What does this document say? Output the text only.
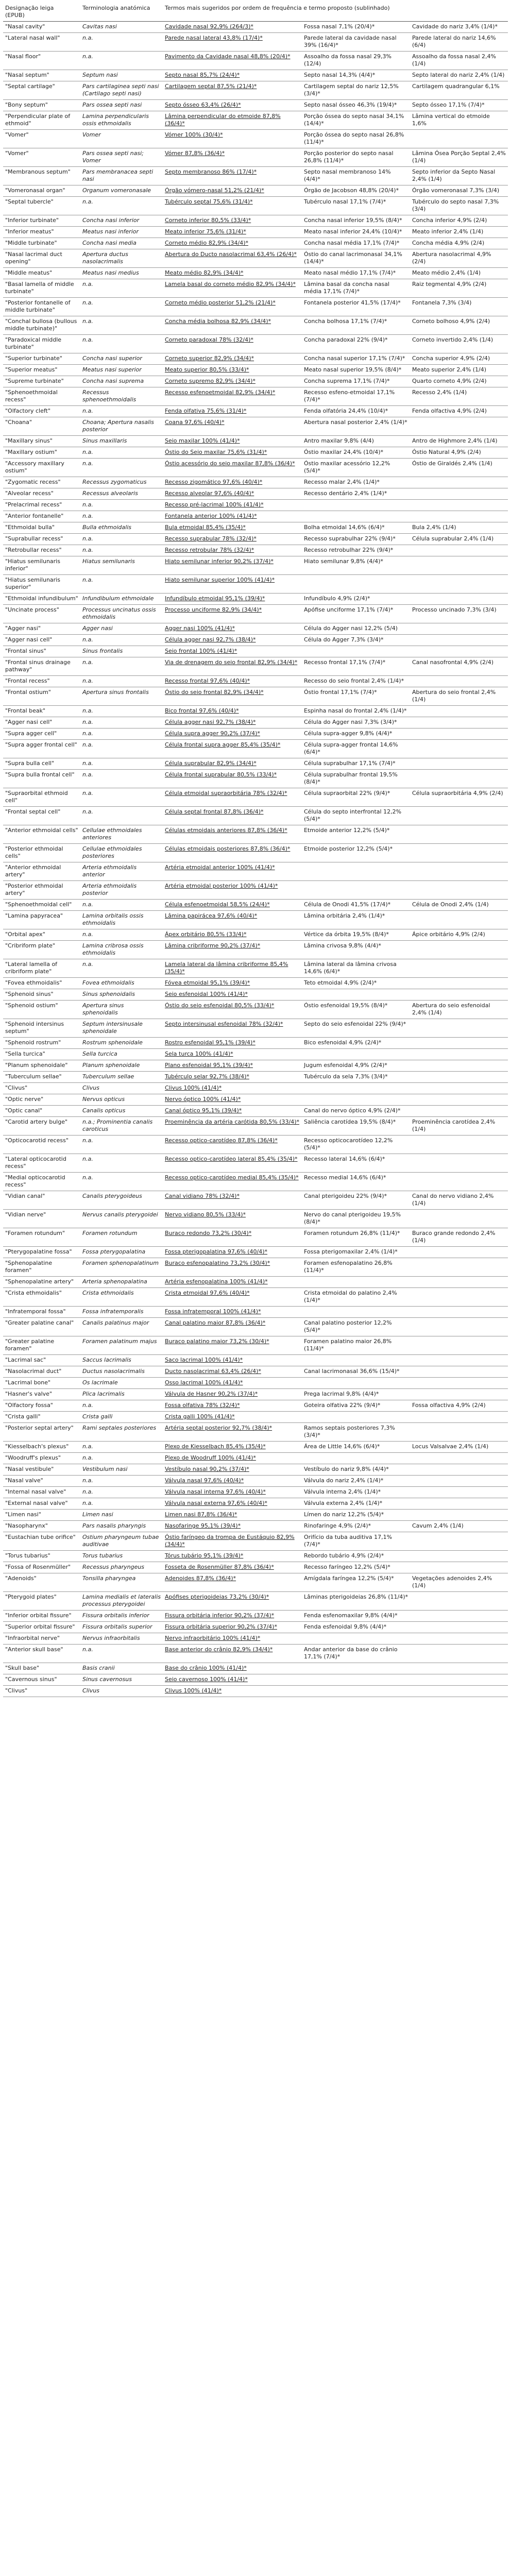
Designação leiga
(EPUB)	Terminologia anatómica	Termos mais sugeridos por ordem de frequência e termo proposto (sublinhado)		
"Nasal cavity"	Cavitas nasi	Cavidade nasal 92,9% (264/3)*	Fossa nasal 7,1% (20/4)*	Cavidade do nariz 3,4% (1/4)*
"Lateral nasal wall"	n.a.	Parede nasal lateral 43,8% (17/4)*	Parede lateral da cavidade nasal 39% (16/4)*	Parede lateral do nariz 14,6% (6/4)
"Nasal floor"	n.a.	Pavimento da Cavidade nasal 48,8% (20/4)*	Assoalho da fossa nasal 29,3% (12/4)	Assoalho da fossa nasal 2,4% (1/4)
"Nasal septum"	Septum nasi	Septo nasal 85,7% (24/4)*	Septo nasal 14,3% (4/4)*	Septo lateral do nariz 2,4% (1/4)
"Septal cartilage"	Pars cartilaginea septi nasi (Cartilago septi nasi)	Cartilagem septal 87,5% (21/4)*	Cartilagem septal do nariz 12,5% (3/4)*	Cartilagem quadrangular 6,1%
"Bony septum"	Pars ossea septi nasi	Septo ósseo 63,4% (26/4)*	Septo nasal ósseo 46,3% (19/4)*	Septo ósseo 17,1% (7/4)*
"Perpendicular plate of ethmoid"	Lamina perpendicularis ossis ethmoidalis	Lâmina perpendicular do etmoide 87,8% (36/4)*	Porção óssea do septo nasal 34,1% (14/4)*	Lâmina vertical do etmoide 1,6%
"Vomer"	Vomer	Vómer 100% (30/4)*	Porção óssea do septo nasal 26,8% (11/4)*	
"Vomer"	Pars ossea septi nasi; Vomer	Vómer 87,8% (36/4)*	Porção posterior do septo nasal 26,8% (11/4)*	Lâmina Ósea Porção Septal 2,4% (1/4)
"Membranous septum"	Pars membranacea septi nasi	Septo membranoso 86% (17/4)*	Septo nasal membranoso 14% (4/4)*	Septo inferior da Septo Nasal 2,4% (1/4)
"Vomeronasal organ"	Organum vomeronasale	Órgão vómero-nasal 51,2% (21/4)*	Órgão de Jacobson 48,8% (20/4)*	Órgão vomeronasal 7,3% (3/4)
"Septal tubercle"	n.a.	Tubérculo septal 75,6% (31/4)*	Tubérculo nasal 17,1% (7/4)*	Tubérculo do septo nasal 7,3% (3/4)
"Inferior turbinate"	Concha nasi inferior	Corneto inferior 80,5% (33/4)*	Concha nasal inferior 19,5% (8/4)*	Concha inferior 4,9% (2/4)
"Inferior meatus"	Meatus nasi inferior	Meato inferior 75,6% (31/4)*	Meato nasal inferior 24,4% (10/4)*	Meato inferior 2,4% (1/4)
"Middle turbinate"	Concha nasi media	Corneto médio 82,9% (34/4)*	Concha nasal média 17,1% (7/4)*	Concha média 4,9% (2/4)
"Nasal lacrimal duct opening"	Apertura ductus nasolacrimalis	Abertura do Ducto nasolacrimal 63,4% (26/4)*	Óstio do canal lacrimonasal 34,1% (14/4)*	Abertura nasolacrimal 4,9% (2/4)
"Middle meatus"	Meatus nasi medius	Meato médio 82,9% (34/4)*	Meato nasal médio 17,1% (7/4)*	Meato médio 2,4% (1/4)
"Basal lamella of middle turbinate"	n.a.	Lamela basal do corneto médio 82,9% (34/4)*	Lâmina basal da concha nasal média 17,1% (7/4)*	Raiz tegmental 4,9% (2/4)
"Posterior fontanelle of middle turbinate"	n.a.	Corneto médio posterior 51,2% (21/4)*	Fontanela posterior 41,5% (17/4)*	Fontanela 7,3% (3/4)
"Conchal bullosa (bullous middle turbinate)"	n.a.	Concha média bolhosa 82,9% (34/4)*	Concha bolhosa 17,1% (7/4)*	Corneto bolhoso 4,9% (2/4)
"Paradoxical middle turbinate"	n.a.	Corneto paradoxal 78% (32/4)*	Concha paradoxal 22% (9/4)*	Corneto invertido 2,4% (1/4)
"Superior turbinate"	Concha nasi superior	Corneto superior 82,9% (34/4)*	Concha nasal superior 17,1% (7/4)*	Concha superior 4,9% (2/4)
"Superior meatus"	Meatus nasi superior	Meato superior 80,5% (33/4)*	Meato nasal superior 19,5% (8/4)*	Meato superior 2,4% (1/4)
"Supreme turbinate"	Concha nasi suprema	Corneto supremo 82,9% (34/4)*	Concha suprema 17,1% (7/4)*	Quarto corneto 4,9% (2/4)
"Sphenoethmoidal recess"	Recessus sphenoethmoidalis	Recesso esfenoetmoidal 82,9% (34/4)*	Recesso esfeno-etmoidal 17,1% (7/4)*	Recesso 2,4% (1/4)
"Olfactory cleft"	n.a.	Fenda olfativa 75,6% (31/4)*	Fenda olfatória 24,4% (10/4)*	Fenda olfactiva 4,9% (2/4)
"Choana"	Choana; Apertura nasalis posterior	Coana 97,6% (40/4)*	Abertura nasal posterior 2,4% (1/4)*	
"Maxillary sinus"	Sinus maxillaris	Seio maxilar 100% (41/4)*	Antro maxilar 9,8% (4/4)	Antro de Highmore 2,4% (1/4)
"Maxillary ostium"	n.a.	Óstio do Seio maxilar 75,6% (31/4)*	Óstio maxilar 24,4% (10/4)*	Óstio Natural 4,9% (2/4)
"Accessory maxillary ostium"	n.a.	Óstio acessório do seio maxilar 87,8% (36/4)*	Óstio maxilar acessório 12,2% (5/4)*	Óstio de Giraldés 2,4% (1/4)
"Zygomatic recess"	Recessus zygomaticus	Recesso zigomático 97,6% (40/4)*	Recesso malar 2,4% (1/4)*	
"Alveolar recess"	Recessus alveolaris	Recesso alveolar 97,6% (40/4)*	Recesso dentário 2,4% (1/4)*	
"Prelacrimal recess"	n.a.	Recesso pré-lacrimal 100% (41/4)*		
"Anterior fontanelle"	n.a.	Fontanela anterior 100% (41/4)*		
"Ethmoidal bulla"	Bulla ethmoidalis	Bula etmoidal 85,4% (35/4)*	Bolha etmoidal 14,6% (6/4)*	Bula 2,4% (1/4)
"Suprabullar recess"	n.a.	Recesso suprabular 78% (32/4)*	Recesso suprabulhar 22% (9/4)*	Célula suprabular 2,4% (1/4)
"Retrobullar recess"	n.a.	Recesso retrobular 78% (32/4)*	Recesso retrobulhar 22% (9/4)*	
"Hiatus semilunaris inferior"	Hiatus semilunaris	Hiato semilunar inferior 90,2% (37/4)*	Hiato semilunar 9,8% (4/4)*	
"Hiatus semilunaris superior"	n.a.	Hiato semilunar superior 100% (41/4)*		
"Ethmoidal infundibulum"	Infundibulum ethmoidale	Infundíbulo etmoidal 95,1% (39/4)*	Infundíbulo 4,9% (2/4)*	
"Uncinate process"	Processus uncinatus ossis ethmoidalis	Processo unciforme 82,9% (34/4)*	Apófise unciforme 17,1% (7/4)*	Processo uncinado 7,3% (3/4)
"Agger nasi"	Agger nasi	Agger nasi 100% (41/4)*	Célula do Agger nasi 12,2% (5/4)	
"Agger nasi cell"	n.a.	Célula agger nasi 92,7% (38/4)*	Célula do Agger 7,3% (3/4)*	
"Frontal sinus"	Sinus frontalis	Seio frontal 100% (41/4)*		
"Frontal sinus drainage pathway"	n.a.	Via de drenagem do seio frontal 82,9% (34/4)*	Recesso frontal 17,1% (7/4)*	Canal nasofrontal 4,9% (2/4)
"Frontal recess"	n.a.	Recesso frontal 97,6% (40/4)*	Recesso do seio frontal 2,4% (1/4)*	
"Frontal ostium"	Apertura sinus frontalis	Óstio do seio frontal 82,9% (34/4)*	Óstio frontal 17,1% (7/4)*	Abertura do seio frontal 2,4% (1/4)
"Frontal beak"	n.a.	Bico frontal 97,6% (40/4)*	Espinha nasal do frontal 2,4% (1/4)*	
"Agger nasi cell"	n.a.	Célula agger nasi 92,7% (38/4)*	Célula do Agger nasi 7,3% (3/4)*	
"Supra agger cell"	n.a.	Célula supra agger 90,2% (37/4)*	Célula supra-agger 9,8% (4/4)*	
"Supra agger frontal cell"	n.a.	Célula frontal supra agger 85,4% (35/4)*	Célula supra-agger frontal 14,6% (6/4)*	
"Supra bulla cell"	n.a.	Célula suprabular 82,9% (34/4)*	Célula suprabulhar 17,1% (7/4)*	
"Supra bulla frontal cell"	n.a.	Célula frontal suprabular 80,5% (33/4)*	Célula suprabulhar frontal 19,5% (8/4)*	
"Supraorbital ethmoid cell"	n.a.	Célula etmoidal supraorbitária 78% (32/4)*	Célula supraorbital 22% (9/4)*	Célula supraorbitária 4,9% (2/4)
"Frontal septal cell"	n.a.	Célula septal frontal 87,8% (36/4)*	Célula do septo interfrontal 12,2% (5/4)*	
"Anterior ethmoidal cells"	Cellulae ethmoidales anteriores	Células etmoidais anteriores 87,8% (36/4)*	Etmoide anterior 12,2% (5/4)*	
"Posterior ethmoidal cells"	Cellulae ethmoidales posteriores	Células etmoidais posteriores 87,8% (36/4)*	Etmoide posterior 12,2% (5/4)*	
"Anterior ethmoidal artery"	Arteria ethmoidalis anterior	Artéria etmoidal anterior 100% (41/4)*		
"Posterior ethmoidal artery"	Arteria ethmoidalis posterior	Artéria etmoidal posterior 100% (41/4)*		
"Sphenoethmoidal cell"	n.a.	Célula esfenoetmoidal 58,5% (24/4)*	Célula de Onodi 41,5% (17/4)*	Célula de Onodi 2,4% (1/4)
"Lamina papyracea"	Lamina orbitalis ossis ethmoidalis	Lâmina papirácea 97,6% (40/4)*	Lâmina orbitária 2,4% (1/4)*	
"Orbital apex"	n.a.	Ápex orbitário 80,5% (33/4)*	Vértice da órbita 19,5% (8/4)*	Ápice orbitário 4,9% (2/4)
"Cribriform plate"	Lamina cribrosa ossis ethmoidalis	Lâmina cribriforme 90,2% (37/4)*	Lâmina crivosa 9,8% (4/4)*	
"Lateral lamella of cribriform plate"	n.a.	Lamela lateral da lâmina cribriforme 85,4% (35/4)*	Lâmina lateral da lâmina crivosa 14,6% (6/4)*	
"Fovea ethmoidalis"	Fovea ethmoidalis	Fóvea etmoidal 95,1% (39/4)*	Teto etmoidal 4,9% (2/4)*	
"Sphenoid sinus"	Sinus sphenoidalis	Seio esfenoidal 100% (41/4)*		
"Sphenoid ostium"	Apertura sinus sphenoidalis	Óstio do seio esfenoidal 80,5% (33/4)*	Óstio esfenoidal 19,5% (8/4)*	Abertura do seio esfenoidal 2,4% (1/4)
"Sphenoid intersinus septum"	Septum intersinusale sphenoidale	Septo intersinusal esfenoidal 78% (32/4)*	Septo do seio esfenoidal 22% (9/4)*	
"Sphenoid rostrum"	Rostrum sphenoidale	Rostro esfenoidal 95,1% (39/4)*	Bico esfenoidal 4,9% (2/4)*	
"Sella turcica"	Sella turcica	Sela turca 100% (41/4)*		
"Planum sphenoidale"	Planum sphenoidale	Plano esfenoidal 95,1% (39/4)*	Jugum esfenoidal 4,9% (2/4)*	
"Tuberculum sellae"	Tuberculum sellae	Tubérculo selar 92,7% (38/4)*	Tubérculo da sela 7,3% (3/4)*	
"Clivus"	Clivus	Clivus 100% (41/4)*		
"Optic nerve"	Nervus opticus	Nervo óptico 100% (41/4)*		
"Optic canal"	Canalis opticus	Canal óptico 95,1% (39/4)*	Canal do nervo óptico 4,9% (2/4)*	
"Carotid artery bulge"	n.a.; Prominentia canalis caroticus	Proeminência da artéria carótida 80,5% (33/4)*	Saliência carotídea 19,5% (8/4)*	Proeminência carotídea 2,4% (1/4)
"Opticocarotid recess"	n.a.	Recesso optico-carotídeo 87,8% (36/4)*	Recesso opticocarotídeo 12,2% (5/4)*	
"Lateral opticocarotid recess"	n.a.	Recesso optico-carotídeo lateral 85,4% (35/4)*	Recesso lateral 14,6% (6/4)*	
"Medial opticocarotid recess"	n.a.	Recesso optico-carotídeo medial 85,4% (35/4)*	Recesso medial 14,6% (6/4)*	
"Vidian canal"	Canalis pterygoideus	Canal vidiano 78% (32/4)*	Canal pterigoideu 22% (9/4)*	Canal do nervo vidiano 2,4% (1/4)
"Vidian nerve"	Nervus canalis pterygoidei	Nervo vidiano 80,5% (33/4)*	Nervo do canal pterigoideu 19,5% (8/4)*	
"Foramen rotundum"	Foramen rotundum	Buraco redondo 73,2% (30/4)*	Foramen rotundum 26,8% (11/4)*	Buraco grande redondo 2,4% (1/4)
"Pterygopalatine fossa"	Fossa pterygopalatina	Fossa pterigopalatina 97,6% (40/4)*	Fossa pterigomaxilar 2,4% (1/4)*	
"Sphenopalatine foramen"	Foramen sphenopalatinum	Buraco esfenopalatino 73,2% (30/4)*	Foramen esfenopalatino 26,8% (11/4)*	
"Sphenopalatine artery"	Arteria sphenopalatina	Artéria esfenopalatina 100% (41/4)*		
"Crista ethmoidalis"	Crista ethmoidalis	Crista etmoidal 97,6% (40/4)*	Crista etmoidal do palatino 2,4% (1/4)*	
"Infratemporal fossa"	Fossa infratemporalis	Fossa infratemporal 100% (41/4)*		
"Greater palatine canal"	Canalis palatinus major	Canal palatino maior 87,8% (36/4)*	Canal palatino posterior 12,2% (5/4)*	
"Greater palatine foramen"	Foramen palatinum majus	Buraco palatino maior 73,2% (30/4)*	Foramen palatino maior 26,8% (11/4)*	
"Lacrimal sac"	Saccus lacrimalis	Saco lacrimal 100% (41/4)*		
"Nasolacrimal duct"	Ductus nasolacrimalis	Ducto nasolacrimal 63,4% (26/4)*	Canal lacrimonasal 36,6% (15/4)*	
"Lacrimal bone"	Os lacrimale	Osso lacrimal 100% (41/4)*		
"Hasner's valve"	Plica lacrimalis	Válvula de Hasner 90,2% (37/4)*	Prega lacrimal 9,8% (4/4)*	
"Olfactory fossa"	n.a.	Fossa olfativa 78% (32/4)*	Goteira olfativa 22% (9/4)*	Fossa olfactiva 4,9% (2/4)
"Crista galli"	Crista galli	Crista galli 100% (41/4)*		
"Posterior septal artery"	Rami septales posteriores	Artéria septal posterior 92,7% (38/4)*	Ramos septais posteriores 7,3% (3/4)*	
"Kiesselbach's plexus"	n.a.	Plexo de Kiesselbach 85,4% (35/4)*	Área de Little 14,6% (6/4)*	Locus Valsalvae 2,4% (1/4)
"Woodruff's plexus"	n.a.	Plexo de Woodruff 100% (41/4)*		
"Nasal vestibule"	Vestibulum nasi	Vestíbulo nasal 90,2% (37/4)*	Vestíbulo do nariz 9,8% (4/4)*	
"Nasal valve"	n.a.	Válvula nasal 97,6% (40/4)*	Válvula do nariz 2,4% (1/4)*	
"Internal nasal valve"	n.a.	Válvula nasal interna 97,6% (40/4)*	Válvula interna 2,4% (1/4)*	
"External nasal valve"	n.a.	Válvula nasal externa 97,6% (40/4)*	Válvula externa 2,4% (1/4)*	
"Limen nasi"	Limen nasi	Limen nasi 87,8% (36/4)*	Límen do nariz 12,2% (5/4)*	
"Nasopharynx"	Pars nasalis pharyngis	Nasofaringe 95,1% (39/4)*	Rinofaringe 4,9% (2/4)*	Cavum 2,4% (1/4)
"Eustachian tube orifice"	Ostium pharyngeum tubae auditivae	Óstio faríngeo da trompa de Eustáquio 82,9% (34/4)*	Orifício da tuba auditiva 17,1% (7/4)*	
"Torus tubarius"	Torus tubarius	Tórus tubário 95,1% (39/4)*	Rebordo tubário 4,9% (2/4)*	
"Fossa of Rosenmüller"	Recessus pharyngeus	Fosseta de Rosenmüller 87,8% (36/4)*	Recesso faríngeo 12,2% (5/4)*	
"Adenoids"	Tonsilla pharyngea	Adenoides 87,8% (36/4)*	Amígdala faríngea 12,2% (5/4)*	Vegetações adenoides 2,4% (1/4)
"Pterygoid plates"	Lamina medialis et lateralis processus pterygoidei	Apófises pterigoideias 73,2% (30/4)*	Lâminas pterigoideias 26,8% (11/4)*	
"Inferior orbital fissure"	Fissura orbitalis inferior	Fissura orbitária inferior 90,2% (37/4)*	Fenda esfenomaxilar 9,8% (4/4)*	
"Superior orbital fissure"	Fissura orbitalis superior	Fissura orbitária superior 90,2% (37/4)*	Fenda esfenoidal 9,8% (4/4)*	
"Infraorbital nerve"	Nervus infraorbitalis	Nervo infraorbitário 100% (41/4)*		
"Anterior skull base"	n.a.	Base anterior do crânio 82,9% (34/4)*	Andar anterior da base do crânio 17,1% (7/4)*	
"Skull base"	Basis cranii	Base do crânio 100% (41/4)*		
"Cavernous sinus"	Sinus cavernosus	Seio cavernoso 100% (41/4)*		
"Clivus"	Clivus	Clivus 100% (41/4)*		
